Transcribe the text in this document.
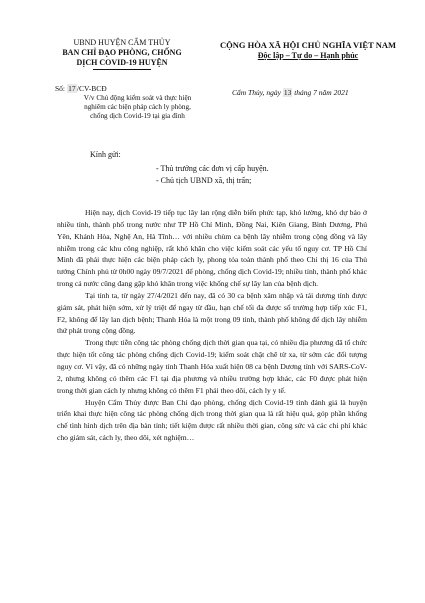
UBND HUYỆN CẨM THỦY
BAN CHỈ ĐẠO PHÒNG, CHỐNG
DỊCH COVID-19 HUYỆN
CỘNG HÒA XÃ HỘI CHỦ NGHĨA VIỆT NAM
Độc lập – Tự do – Hạnh phúc
Số: 17/CV-BCĐ
V/v Chủ động kiểm soát và thực hiện
nghiêm các biện pháp cách ly phòng,
chống dịch Covid-19 tại gia đình
Cẩm Thủy, ngày 13 tháng 7 năm 2021
Kính gửi:
- Thủ trưởng các đơn vị cấp huyện.
- Chủ tịch UBND xã, thị trấn;

Hiện nay, dịch Covid-19 tiếp tục lây lan rộng diễn biến phức tạp, khó lường, khó dự báo ở nhiều tỉnh, thành phố trong nước như TP Hồ Chí Minh, Đồng Nai, Kiên Giang, Bình Dương, Phú Yên, Khánh Hòa, Nghệ An, Hà Tĩnh… với nhiều chùm ca bệnh lây nhiễm trong cộng đồng và lây nhiễm trong các khu công nghiệp, rất khó khăn cho việc kiểm soát các yếu tố nguy cơ. TP Hồ Chí Minh đã phải thực hiện các biện pháp cách ly, phong tỏa toàn thành phố theo Chỉ thị 16 của Thủ tướng Chính phủ từ 0h00 ngày 09/7/2021 để phòng, chống dịch Covid-19; nhiều tỉnh, thành phố khác trong cả nước cũng đang gặp khó khăn trong việc khống chế sự lây lan của bệnh dịch.

Tại tỉnh ta, từ ngày 27/4/2021 đến nay, đã có 30 ca bệnh xâm nhập và tái dương tính được giám sát, phát hiện sớm, xử lý triệt để ngay từ đầu, hạn chế tối đa được số trường hợp tiếp xúc F1, F2, không để lây lan dịch bệnh; Thanh Hóa là một trong 09 tỉnh, thành phố không để dịch lây nhiễm thứ phát trong cộng đồng.

Trong thực tiễn công tác phòng chống dịch thời gian qua tại, có nhiều địa phương đã tổ chức thực hiện tốt công tác phòng chống dịch Covid-19; kiểm soát chặt chẽ từ xa, từ sớm các đối tượng nguy cơ. Vì vậy, đã có những ngày tỉnh Thanh Hóa xuất hiện 08 ca bệnh Dương tính với SARS-CoV-2, nhưng không có thêm các F1 tại địa phương và nhiều trường hợp khác, các F0 được phát hiện trong thời gian cách ly nhưng không có thêm F1 phải theo dõi, cách ly y tế.

Huyện Cẩm Thủy được Ban Chỉ đạo phòng, chống dịch Covid-19 tỉnh đánh giá là huyện triển khai thực hiện công tác phòng chống dịch trong thời gian qua là rất hiệu quả, góp phần khống chế tình hình dịch trên địa bàn tỉnh; tiết kiệm được rất nhiều thời gian, công sức và các chi phí khác cho giám sát, cách ly, theo dõi, xét nghiệm…
